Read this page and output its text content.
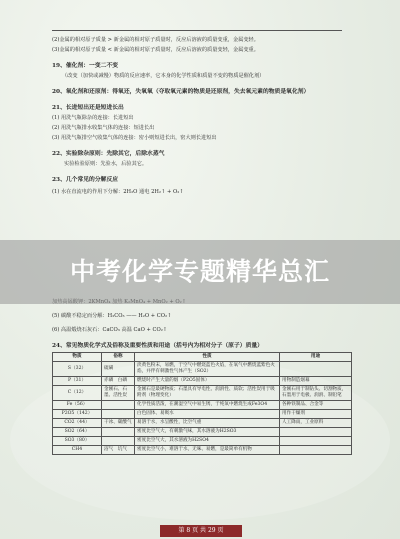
(2)金属的相对原子质量 > 新金属的相对原子质量时，反应后溶液的质量变重，金属变轻。
(3)金属的相对原子质量 < 新金属的相对原子质量时，反应后溶液的质量变轻，金属变重。
19、催化剂：一变二不变
（改变（加快或减慢）物质的反应速率，它本身的化学性质和质量不变的物质是催化剂）
20、氧化剂和还原剂：得氧还，失氧氧（夺取氧元素的物质是还原剂，失去氧元素的物质是氧化剂）
21、长进短出还是短进长出
(1) 用洗气瓶除杂的连接：长进短出
(2) 用洗气瓶排水收集气体的连接：短进长出
(3) 用洗气瓶排空气收集气体的连接：密小则短进长出，密大则长进短出
22、实验除杂原则：先除其它，后除水蒸气
实验检验原则：先验水，后验其它。
23、几个常见的分解反应
(1) 水在直流电的作用下分解：2H₂O 通电 2H₂↑ + O₂↑
(5) 碳酸不稳定而分解：H₂CO₃ —— H₂O + CO₂↑
(6) 高温煅烧石灰石：CaCO₃ 高温 CaO + CO₂↑
24、常见物质化学式及俗称及重要性质和用途（括号内为相对分子（原子）质量）
物质	俗称	性质	用途
S（32）	硫磺	淡黄色粉末，易燃，于空气中燃烧蓝色火焰，在氧气中燃烧蓝紫色火焰，并伴有刺激性气体产生（SO2）	
P（31）	赤磷　白磷	燃烧时产生大量的烟（P2O5固体）	用物制造烟幕
C（12）	金刚石、石墨、活性炭	金刚石是最硬物质；石墨具有导电性、润滑性、质软；活性炭用于吸附剂（物理变化）	金刚石用于制钻头、切割物质，石墨用于电极、润滑、制铅笔
Fe（56）		化学性质活泼，在潮湿空气中易生锈，于纯氧中燃烧生成Fe3O4	各种铁制品、合金等
P2O5（142）		白色固体、易吸水	用作干燥剂
CO2（44）	干冰、碳酸气	易溶于水，水呈酸性，比空气重	人工降雨，工业原料
SO2（64）		密度比空气大，有刺激气味，其水溶液为H2SO3	
SO3（80）		密度比空气大，其水溶液为H2SO4	
CH4	沼气　坑气	密度比空气小，难溶于水，无味、易燃，是最简单有机物	
中考化学专题精华总汇
第 8 页 共 29 页
